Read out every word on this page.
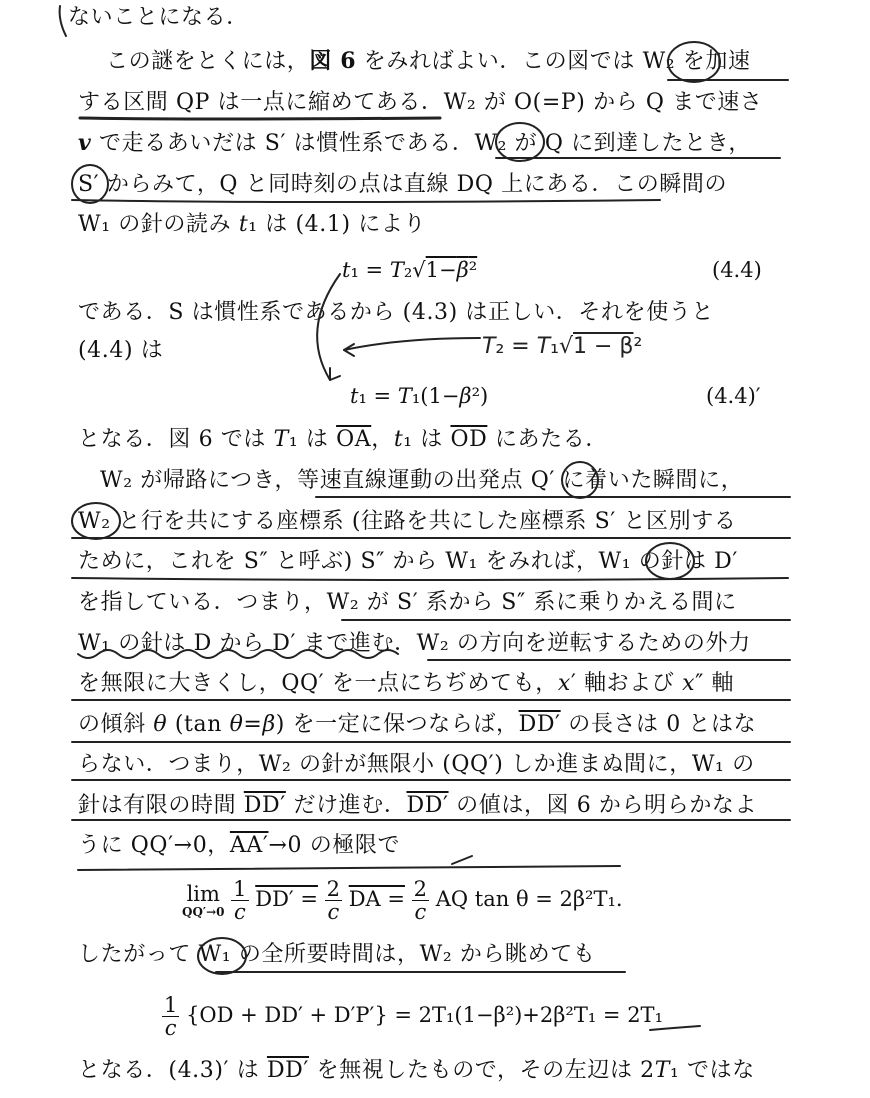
ないことになる．
この謎をとくには，図 6 をみればよい．この図では W₂ を加速
する区間 QP は一点に縮めてある．W₂ が O(=P) から Q まで速さ
v で走るあいだは S′ は慣性系である．W₂ が Q に到達したとき，
S′ からみて，Q と同時刻の点は直線 DQ 上にある．この瞬間の
W₁ の針の読み t₁ は (4.1) により
t₁ = T₂√1−β²	(4.4)
である．S は慣性系であるから (4.3) は正しい．それを使うと
(4.4) は	T₂ = T₁√1 − β²
t₁ = T₁(1−β²)	(4.4)′
となる．図 6 では T₁ は $\overline{OA}$，t₁ は $\overline{OD}$ にあたる．
W₂ が帰路につき，等速直線運動の出発点 Q′ に着いた瞬間に，
W₂ と行を共にする座標系 (往路を共にした座標系 S′ と区別する
ために，これを S″ と呼ぶ) S″ から W₁ をみれば，W₁ の針は D′
を指している．つまり，W₂ が S′ 系から S″ 系に乗りかえる間に
W₁ の針は D から D′ まで進む．W₂ の方向を逆転するための外力
を無限に大きくし，QQ′ を一点にちぢめても，x′ 軸および x″ 軸
の傾斜 θ (tan θ=β) を一定に保つならば，DD′ の長さは 0 とはな
らない．つまり，W₂ の針が無限小 (QQ′) しか進まぬ間に，W₁ の
針は有限の時間 DD′ だけ進む．DD′ の値は，図 6 から明らかなよ
うに QQ′→0，AA′→0 の極限で
lim
QQ′→0
$\frac{1}{c} DD' = \frac{2}{c}$ DA = $\frac{2}{c}$ AQ tan θ = 2β²T₁.
したがって W₁ の全所要時間は，W₂ から眺めても
$\frac{1}{c} \{OD + DD' + D'P'\} = 2T_1(1-\beta^2)+2\beta^2T_1 = 2T_1$
となる．(4.3)′ は DD′ を無視したもので，その左辺は 2T₁ ではな
